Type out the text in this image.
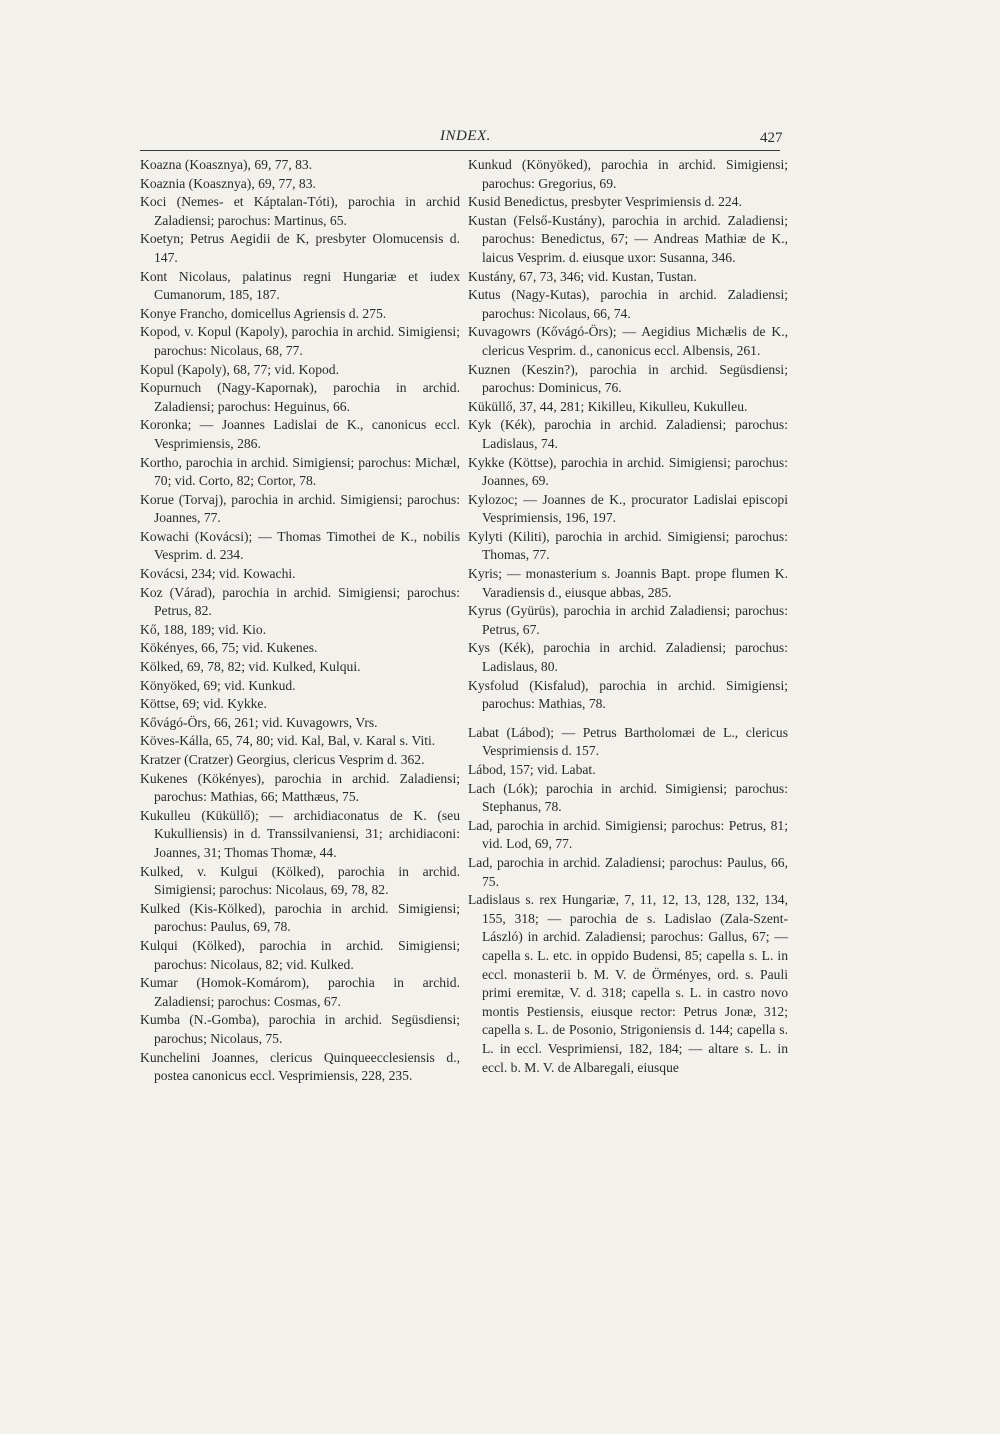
INDEX.	427

Koazna (Koasznya), 69, 77, 83.

Koaznia (Koasznya), 69, 77, 83.

Koci (Nemes- et Káptalan-Tóti), parochia in archid Zaladiensi; parochus: Martinus, 65.

Koetyn; Petrus Aegidii de K, presbyter Olomucensis d. 147.

Kont Nicolaus, palatinus regni Hungariæ et iudex Cumanorum, 185, 187.

Konye Francho, domicellus Agriensis d. 275.

Kopod, v. Kopul (Kapoly), parochia in archid. Simigiensi; parochus: Nicolaus, 68, 77.

Kopul (Kapoly), 68, 77; vid. Kopod.

Kopurnuch (Nagy-Kapornak), parochia in archid. Zaladiensi; parochus: Heguinus, 66.

Koronka; — Joannes Ladislai de K., canonicus eccl. Vesprimiensis, 286.

Kortho, parochia in archid. Simigiensi; parochus: Michæl, 70; vid. Corto, 82; Cortor, 78.

Korue (Torvaj), parochia in archid. Simigiensi; parochus: Joannes, 77.

Kowachi (Kovácsi); — Thomas Timothei de K., nobilis Vesprim. d. 234.

Kovácsi, 234; vid. Kowachi.

Koz (Várad), parochia in archid. Simigiensi; parochus: Petrus, 82.

Kő, 188, 189; vid. Kio.

Kökényes, 66, 75; vid. Kukenes.

Kölked, 69, 78, 82; vid. Kulked, Kulqui.

Könyöked, 69; vid. Kunkud.

Köttse, 69; vid. Kykke.

Kővágó-Örs, 66, 261; vid. Kuvagowrs, Vrs.

Köves-Kálla, 65, 74, 80; vid. Kal, Bal, v. Karal s. Viti.

Kratzer (Cratzer) Georgius, clericus Vesprim d. 362.

Kukenes (Kökényes), parochia in archid. Zaladiensi; parochus: Mathias, 66; Matthæus, 75.

Kukulleu (Küküllő); — archidiaconatus de K. (seu Kukulliensis) in d. Transsilvaniensi, 31; archidiaconi: Joannes, 31; Thomas Thomæ, 44.

Kulked, v. Kulgui (Kölked), parochia in archid. Simigiensi; parochus: Nicolaus, 69, 78, 82.

Kulked (Kis-Kölked), parochia in archid. Simigiensi; parochus: Paulus, 69, 78.

Kulqui (Kölked), parochia in archid. Simigiensi; parochus: Nicolaus, 82; vid. Kulked.

Kumar (Homok-Komárom), parochia in archid. Zaladiensi; parochus: Cosmas, 67.

Kumba (N.-Gomba), parochia in archid. Següsdiensi; parochus; Nicolaus, 75.

Kunchelini Joannes, clericus Quinqueecclesiensis d., postea canonicus eccl. Vesprimiensis, 228, 235.

Kunkud (Könyöked), parochia in archid. Simigiensi; parochus: Gregorius, 69.

Kusid Benedictus, presbyter Vesprimiensis d. 224.

Kustan (Felső-Kustány), parochia in archid. Zaladiensi; parochus: Benedictus, 67; — Andreas Mathiæ de K., laicus Vesprim. d. eiusque uxor: Susanna, 346.

Kustány, 67, 73, 346; vid. Kustan, Tustan.

Kutus (Nagy-Kutas), parochia in archid. Zaladiensi; parochus: Nicolaus, 66, 74.

Kuvagowrs (Kővágó-Örs); — Aegidius Michælis de K., clericus Vesprim. d., canonicus eccl. Albensis, 261.

Kuznen (Keszin?), parochia in archid. Següsdiensi; parochus: Dominicus, 76.

Küküllő, 37, 44, 281; Kikilleu, Kikulleu, Kukulleu.

Kyk (Kék), parochia in archid. Zaladiensi; parochus: Ladislaus, 74.

Kykke (Köttse), parochia in archid. Simigiensi; parochus: Joannes, 69.

Kylozoc; — Joannes de K., procurator Ladislai episcopi Vesprimiensis, 196, 197.

Kylyti (Kiliti), parochia in archid. Simigiensi; parochus: Thomas, 77.

Kyris; — monasterium s. Joannis Bapt. prope flumen K. Varadiensis d., eiusque abbas, 285.

Kyrus (Gyürüs), parochia in archid Zaladiensi; parochus: Petrus, 67.

Kys (Kék), parochia in archid. Zaladiensi; parochus: Ladislaus, 80.

Kysfolud (Kisfalud), parochia in archid. Simigiensi; parochus: Mathias, 78.

Labat (Lábod); — Petrus Bartholomæi de L., clericus Vesprimiensis d. 157.

Lábod, 157; vid. Labat.

Lach (Lók); parochia in archid. Simigiensi; parochus: Stephanus, 78.

Lad, parochia in archid. Simigiensi; parochus: Petrus, 81; vid. Lod, 69, 77.

Lad, parochia in archid. Zaladiensi; parochus: Paulus, 66, 75.

Ladislaus s. rex Hungariæ, 7, 11, 12, 13, 128, 132, 134, 155, 318; — parochia de s. Ladislao (Zala-Szent-László) in archid. Zaladiensi; parochus: Gallus, 67; — capella s. L. etc. in oppido Budensi, 85; capella s. L. in eccl. monasterii b. M. V. de Örményes, ord. s. Pauli primi eremitæ, V. d. 318; capella s. L. in castro novo montis Pestiensis, eiusque rector: Petrus Jonæ, 312; capella s. L. de Posonio, Strigoniensis d. 144; capella s. L. in eccl. Vesprimiensi, 182, 184; — altare s. L. in eccl. b. M. V. de Albaregali, eiusque
